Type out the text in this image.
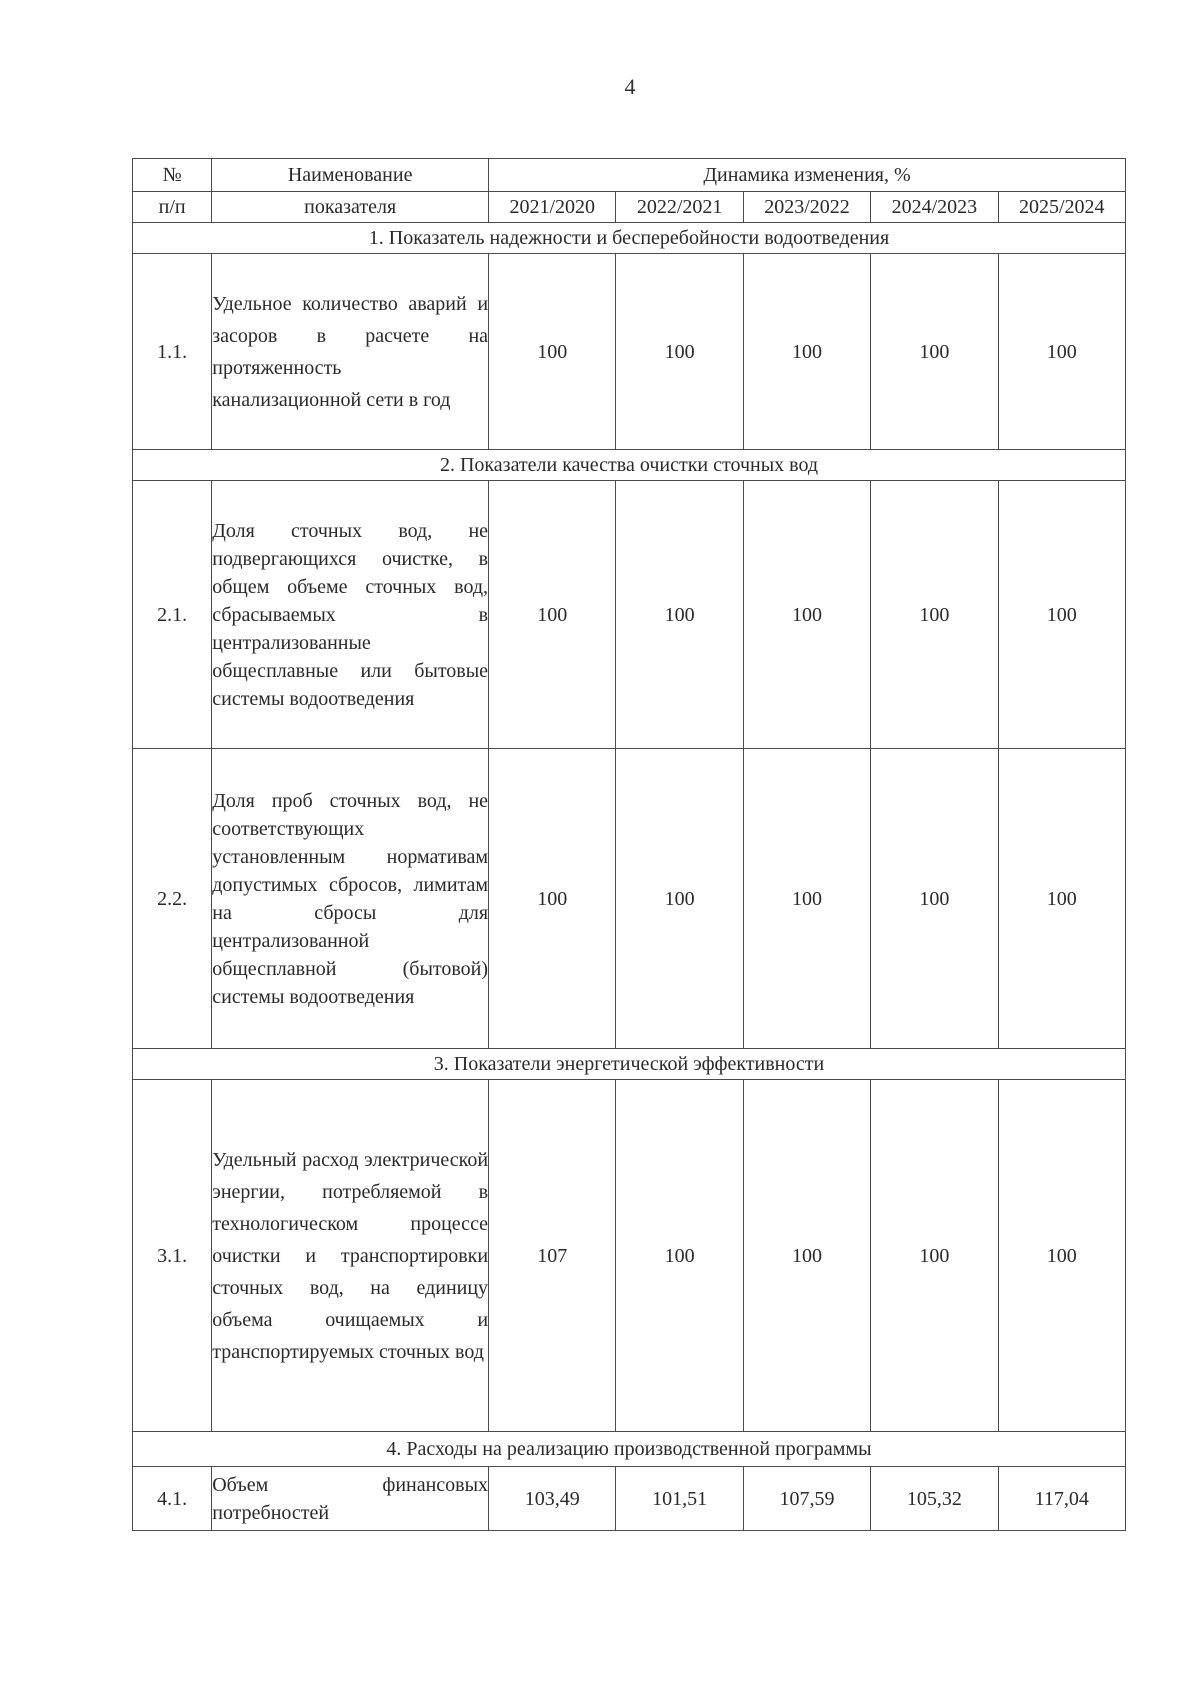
4
№	Наименование	Динамика изменения, %				
п/п	показателя	2021/2020	2022/2021	2023/2022	2024/2023	2025/2024
1. Показатель надежности и бесперебойности водоотведения						
1.1.	Удельное количество аварий и засоров в расчете на протяженность канализационной сети в год	100	100	100	100	100
2. Показатели качества очистки сточных вод						
2.1.	Доля сточных вод, не подвергающихся очистке, в общем объеме сточных вод, сбрасываемых в централизованные общесплавные или бытовые системы водоотведения	100	100	100	100	100
2.2.	Доля проб сточных вод, не соответствующих установленным нормативам допустимых сбросов, лимитам на сбросы для централизованной общесплавной (бытовой) системы водоотведения	100	100	100	100	100
3. Показатели энергетической эффективности						
3.1.	Удельный расход электрической энергии, потребляемой в технологическом процессе очистки и транспортировки сточных вод, на единицу объема очищаемых и транспортируемых сточных вод	107	100	100	100	100
4. Расходы на реализацию производственной программы						
4.1.	Объем финансовых потребностей	103,49	101,51	107,59	105,32	117,04
